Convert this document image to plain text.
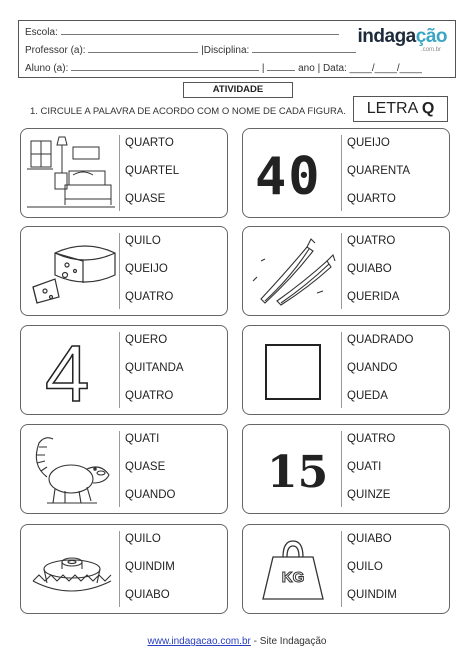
Escola:
Professor (a):	|Disciplina:
Aluno (a):	|	ano | Data: ____/____/____
indagação
.com.br
ATIVIDADE
1. CIRCULE A PALAVRA DE ACORDO COM O NOME DE CADA FIGURA.	LETRA Q
QUARTO
QUARTEL
QUASE 40
QUEIJO
QUARENTA
QUARTO
QUILO
QUEIJO
QUATRO
QUATRO
QUIABO
QUERIDA
4	QUERO
QUITANDA
QUATRO
QUADRADO
QUANDO
QUEDA
QUATI
QUASE
QUANDO 15
QUATRO
QUATI
QUINZE
QUILO
QUINDIM
QUIABO
KG
QUIABO
QUILO
QUINDIM
www.indagacao.com.br - Site Indagação
